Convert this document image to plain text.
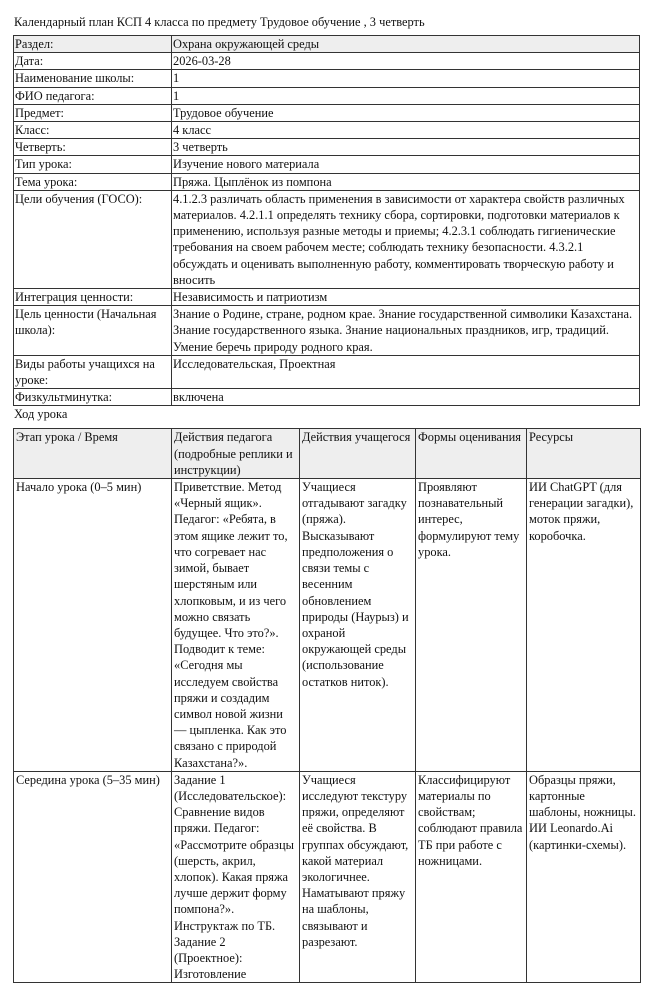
Календарный план КСП 4 класса по предмету Трудовое обучение , 3 четверть
Раздел:	Охрана окружающей среды
Дата:	2026-03-28
Наименование школы:	1
ФИО педагога:	1
Предмет:	Трудовое обучение
Класс:	4 класс
Четверть:	3 четверть
Тип урока:	Изучение нового материала
Тема урока:	Пряжа. Цыплёнок из помпона
Цели обучения (ГОСО):	4.1.2.3 различать область применения в зависимости от характера свойств различных материалов. 4.2.1.1 определять технику сбора, сортировки, подготовки материалов к применению, используя разные методы и приемы; 4.2.3.1 соблюдать гигиенические требования на своем рабочем месте; соблюдать технику безопасности. 4.3.2.1 обсуждать и оценивать выполненную работу, комментировать творческую работу и вносить
Интеграция ценности:	Независимость и патриотизм
Цель ценности (Начальная школа):	Знание о Родине, стране, родном крае. Знание государственной символики Казахстана. Знание государственного языка. Знание национальных праздников, игр, традиций. Умение беречь природу родного края.
Виды работы учащихся на уроке:	Исследовательская, Проектная
Физкультминутка:	включена
Ход урока
Этап урока / Время	Действия педагога (подробные реплики и инструкции)	Действия учащегося	Формы оценивания	Ресурсы
Начало урока (0–5 мин)	Приветствие. Метод «Черный ящик». Педагог: «Ребята, в этом ящике лежит то, что согревает нас зимой, бывает шерстяным или хлопковым, и из чего можно связать будущее. Что это?». Подводит к теме: «Сегодня мы исследуем свойства пряжи и создадим символ новой жизни — цыпленка. Как это связано с природой Казахстана?».	Учащиеся отгадывают загадку (пряжа). Высказывают предположения о связи темы с весенним обновлением природы (Наурыз) и охраной окружающей среды (использование остатков ниток).	Проявляют познавательный интерес, формулируют тему урока.	ИИ ChatGPT (для генерации загадки), моток пряжи, коробочка.
Середина урока (5–35 мин)	Задание 1 (Исследовательское): Сравнение видов пряжи. Педагог: «Рассмотрите образцы (шерсть, акрил, хлопок). Какая пряжа лучше держит форму помпона?». Инструктаж по ТБ. Задание 2 (Проектное): Изготовление	Учащиеся исследуют текстуру пряжи, определяют её свойства. В группах обсуждают, какой материал экологичнее. Наматывают пряжу на шаблоны, связывают и разрезают.	Классифицируют материалы по свойствам; соблюдают правила ТБ при работе с ножницами.	Образцы пряжи, картонные шаблоны, ножницы. ИИ Leonardo.Ai (картинки-схемы).
